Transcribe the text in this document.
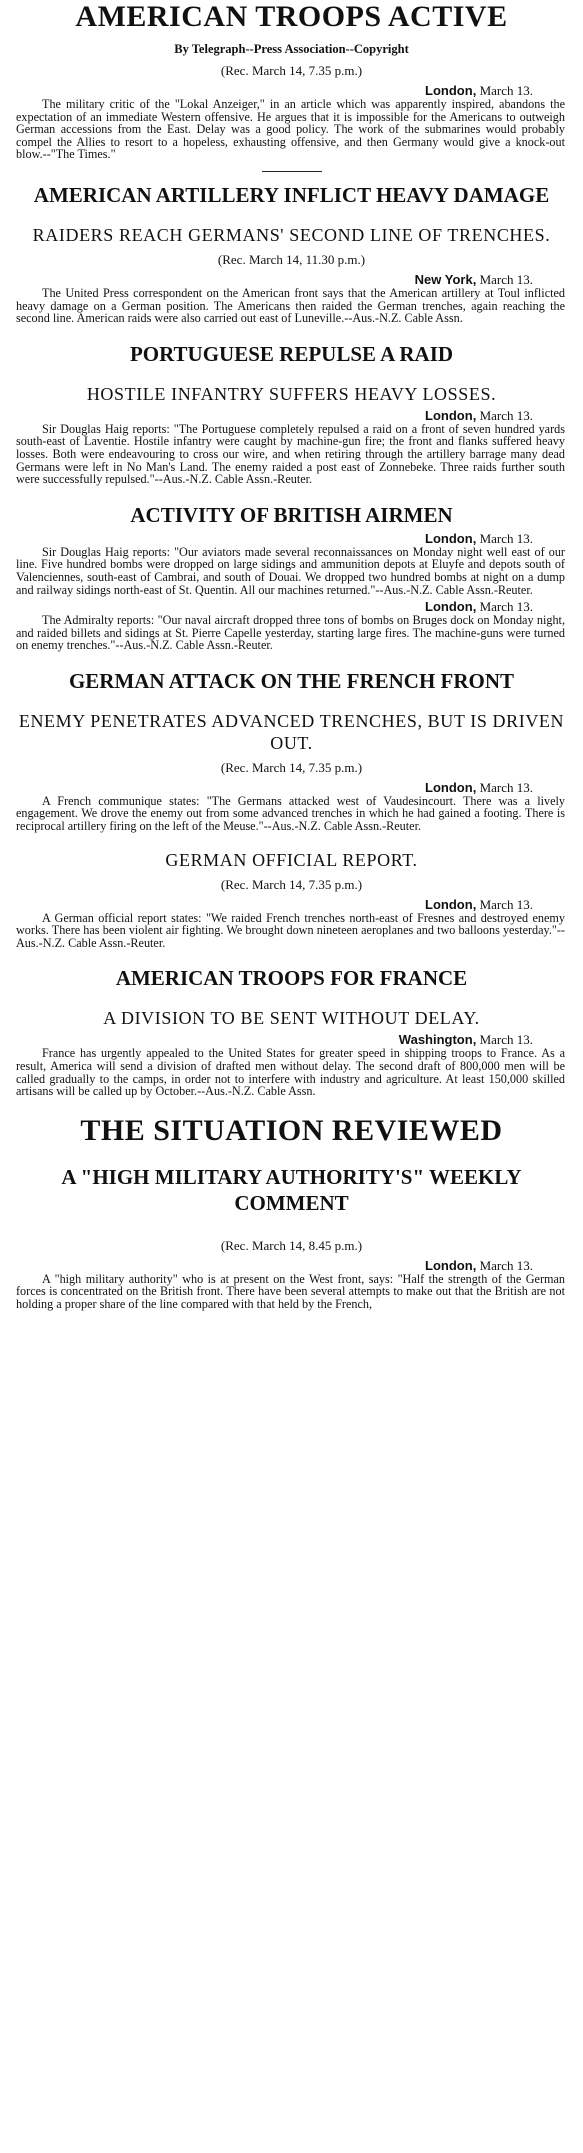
AMERICAN TROOPS ACTIVE
By Telegraph--Press Association--Copyright
(Rec. March 14, 7.35 p.m.)
London, March 13.

The military critic of the "Lokal Anzeiger," in an article which was apparently inspired, abandons the expectation of an immediate Western offensive. He argues that it is impossible for the Americans to outweigh German accessions from the East. Delay was a good policy. The work of the submarines would probably compel the Allies to resort to a hopeless, exhausting offensive, and then Germany would give a knock-out blow.--"The Times."

AMERICAN ARTILLERY INFLICT HEAVY DAMAGE
RAIDERS REACH GERMANS' SECOND LINE OF TRENCHES.
(Rec. March 14, 11.30 p.m.)
New York, March 13.

The United Press correspondent on the American front says that the American artillery at Toul inflicted heavy damage on a German position. The Americans then raided the German trenches, again reaching the second line. American raids were also carried out east of Luneville.--Aus.-N.Z. Cable Assn.

PORTUGUESE REPULSE A RAID
HOSTILE INFANTRY SUFFERS HEAVY LOSSES.
London, March 13.

Sir Douglas Haig reports: "The Portuguese completely repulsed a raid on a front of seven hundred yards south-east of Laventie. Hostile infantry were caught by machine-gun fire; the front and flanks suffered heavy losses. Both were endeavouring to cross our wire, and when retiring through the artillery barrage many dead Germans were left in No Man's Land. The enemy raided a post east of Zonnebeke. Three raids further south were successfully repulsed."--Aus.-N.Z. Cable Assn.-Reuter.

ACTIVITY OF BRITISH AIRMEN
London, March 13.

Sir Douglas Haig reports: "Our aviators made several reconnaissances on Monday night well east of our line. Five hundred bombs were dropped on large sidings and ammunition depots at Eluyfe and depots south of Valenciennes, south-east of Cambrai, and south of Douai. We dropped two hundred bombs at night on a dump and railway sidings north-east of St. Quentin. All our machines returned."--Aus.-N.Z. Cable Assn.-Reuter.

London, March 13.

The Admiralty reports: "Our naval aircraft dropped three tons of bombs on Bruges dock on Monday night, and raided billets and sidings at St. Pierre Capelle yesterday, starting large fires. The machine-guns were turned on enemy trenches."--Aus.-N.Z. Cable Assn.-Reuter.

GERMAN ATTACK ON THE FRENCH FRONT
ENEMY PENETRATES ADVANCED TRENCHES, BUT IS DRIVEN OUT.
(Rec. March 14, 7.35 p.m.)
London, March 13.

A French communique states: "The Germans attacked west of Vaudesincourt. There was a lively engagement. We drove the enemy out from some advanced trenches in which he had gained a footing. There is reciprocal artillery firing on the left of the Meuse."--Aus.-N.Z. Cable Assn.-Reuter.

GERMAN OFFICIAL REPORT.
(Rec. March 14, 7.35 p.m.)
London, March 13.

A German official report states: "We raided French trenches north-east of Fresnes and destroyed enemy works. There has been violent air fighting. We brought down nineteen aeroplanes and two balloons yesterday."--Aus.-N.Z. Cable Assn.-Reuter.

AMERICAN TROOPS FOR FRANCE
A DIVISION TO BE SENT WITHOUT DELAY.
Washington, March 13.

France has urgently appealed to the United States for greater speed in shipping troops to France. As a result, America will send a division of drafted men without delay. The second draft of 800,000 men will be called gradually to the camps, in order not to interfere with industry and agriculture. At least 150,000 skilled artisans will be called up by October.--Aus.-N.Z. Cable Assn.

THE SITUATION REVIEWED
A "HIGH MILITARY AUTHORITY'S" WEEKLY COMMENT
(Rec. March 14, 8.45 p.m.)
London, March 13.

A "high military authority" who is at present on the West front, says: "Half the strength of the German forces is concentrated on the British front. There have been several attempts to make out that the British are not holding a proper share of the line compared with that held by the French,
